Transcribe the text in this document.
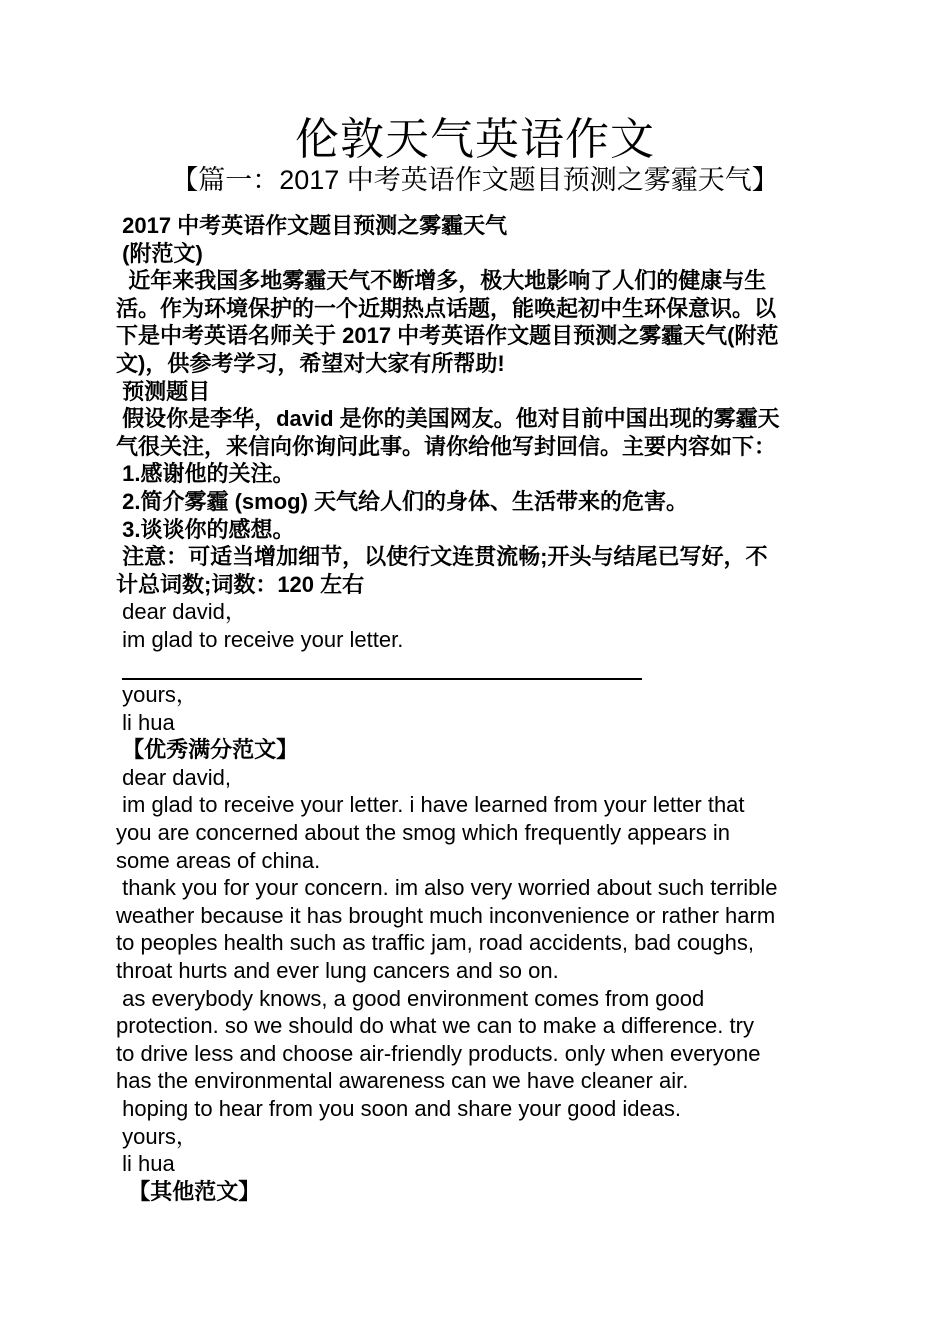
伦敦天气英语作文
【篇一：2017 中考英语作文题目预测之雾霾天气】
2017 中考英语作文题目预测之雾霾天气
(附范文)
近年来我国多地雾霾天气不断增多，极大地影响了人们的健康与生
活。作为环境保护的一个近期热点话题，能唤起初中生环保意识。以
下是中考英语名师关于 2017 中考英语作文题目预测之雾霾天气(附范
文)，供参考学习，希望对大家有所帮助!
预测题目
假设你是李华，david 是你的美国网友。他对目前中国出现的雾霾天
气很关注，来信向你询问此事。请你给他写封回信。主要内容如下：
1.感谢他的关注。
2.简介雾霾 (smog) 天气给人们的身体、生活带来的危害。
3.谈谈你的感想。
注意：可适当增加细节，以使行文连贯流畅;开头与结尾已写好，不
计总词数;词数：120 左右
dear david，
im glad to receive your letter.
yours，
li hua
【优秀满分范文】
dear david,
im glad to receive your letter. i have learned from your letter that
you are concerned about the smog which frequently appears in
some areas of china.
thank you for your concern. im also very worried about such terrible
weather because it has brought much inconvenience or rather harm
to peoples health such as traffic jam, road accidents, bad coughs,
throat hurts and ever lung cancers and so on.
as everybody knows, a good environment comes from good
protection. so we should do what we can to make a difference. try
to drive less and choose air-friendly products. only when everyone
has the environmental awareness can we have cleaner air.
hoping to hear from you soon and share your good ideas.
yours，
li hua
【其他范文】
